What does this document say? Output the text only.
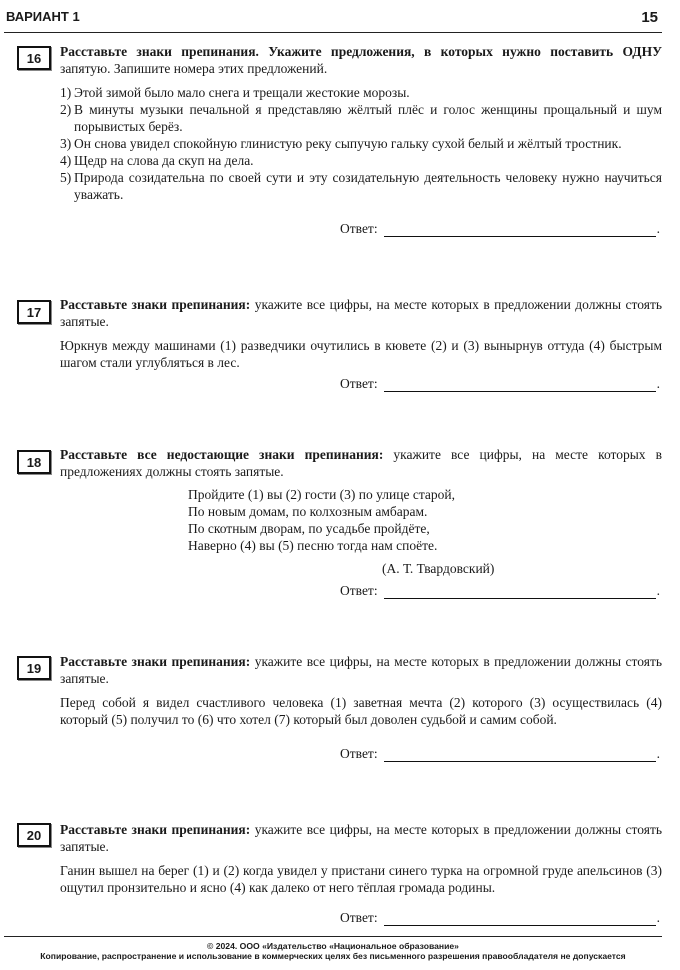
ВАРИАНТ 1	15
16	Расставьте знаки препинания. Укажите предложения, в которых нужно поставить ОДНУ запятую. Запишите номера этих предложений.

1) Этой зимой было мало снега и трещали жестокие морозы.
2) В минуты музыки печальной я представляю жёлтый плёс и голос женщины прощальный и шум порывистых берёз.
3) Он снова увидел спокойную глинистую реку сыпучую гальку сухой белый и жёлтый тростник.
4) Щедр на слова да скуп на дела.
5) Природа созидательна по своей сути и эту созидательную деятельность человеку нужно научиться уважать.
Ответ:	.
17	Расставьте знаки препинания: укажите все цифры, на месте которых в предложении должны стоять запятые.

Юркнув между машинами (1) разведчики очутились в кювете (2) и (3) вынырнув оттуда (4) быстрым шагом стали углубляться в лес.

Ответ:	.
18	Расставьте все недостающие знаки препинания: укажите все цифры, на месте которых в предложениях должны стоять запятые.

Пройдите (1) вы (2) гости (3) по улице старой,
По новым домам, по колхозным амбарам.
По скотным дворам, по усадьбе пройдёте,
Наверно (4) вы (5) песню тогда нам споёте.
(А. Т. Твардовский)
Ответ:	.
19	Расставьте знаки препинания: укажите все цифры, на месте которых в предложении должны стоять запятые.

Перед собой я видел счастливого человека (1) заветная мечта (2) которого (3) осуществилась (4) который (5) получил то (6) что хотел (7) который был доволен судьбой и самим собой.

Ответ:	.
20	Расставьте знаки препинания: укажите все цифры, на месте которых в предложении должны стоять запятые.

Ганин вышел на берег (1) и (2) когда увидел у пристани синего турка на огромной груде апельсинов (3) ощутил пронзительно и ясно (4) как далеко от него тёплая громада родины.

Ответ:	.
© 2024. ООО «Издательство «Национальное образование»
Копирование, распространение и использование в коммерческих целях без письменного разрешения правообладателя не допускается
